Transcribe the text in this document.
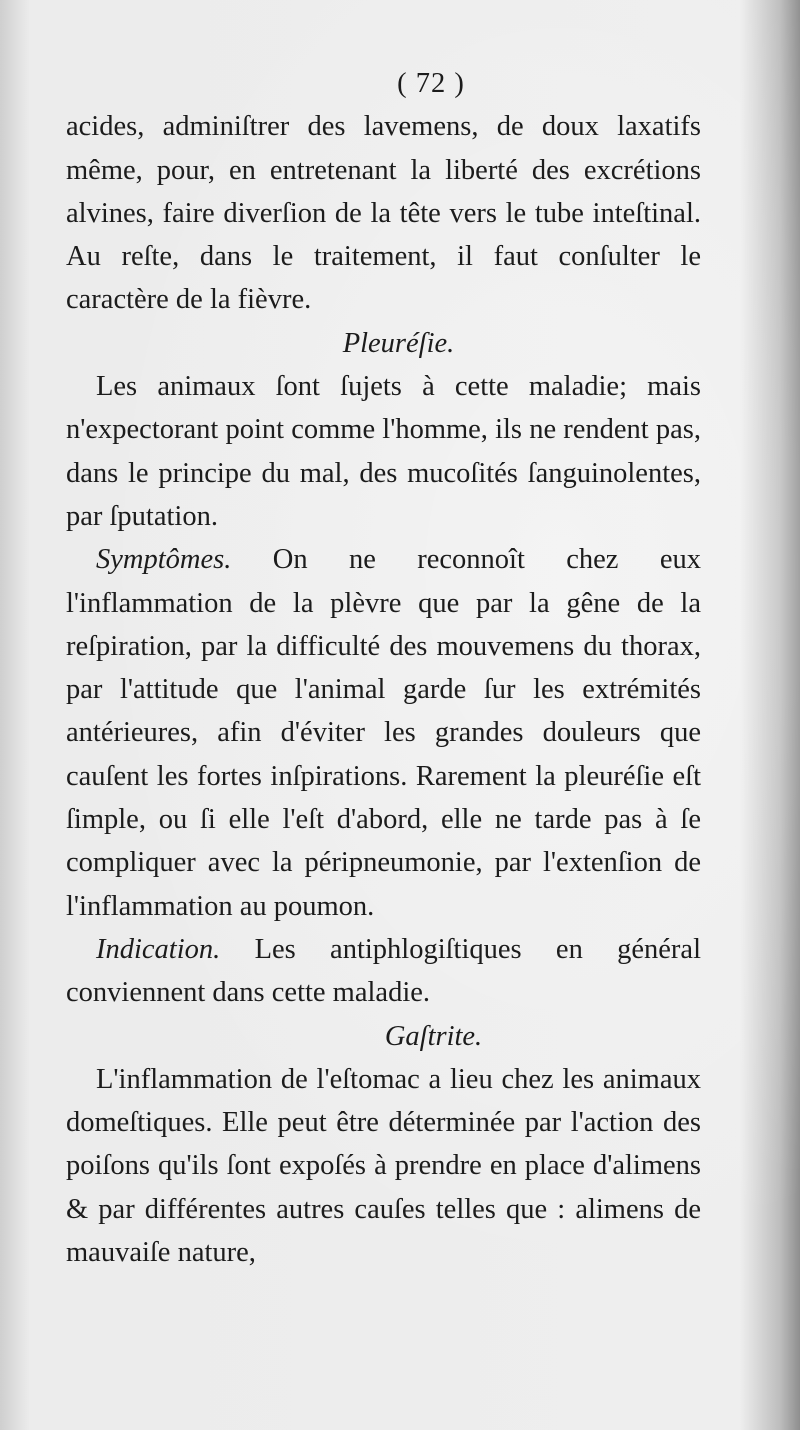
( 72 )

acides, adminiſtrer des lavemens, de doux laxatifs même, pour, en entretenant la liberté des excrétions alvines, faire diverſion de la tête vers le tube inteſtinal. Au reſte, dans le traitement, il faut conſulter le caractère de la fièvre.

Pleuréſie.

Les animaux ſont ſujets à cette maladie; mais n'expectorant point comme l'homme, ils ne rendent pas, dans le principe du mal, des mucoſités ſanguinolentes, par ſputation.

Symptômes. On ne reconnoît chez eux l'inflammation de la plèvre que par la gêne de la reſpiration, par la difficulté des mouvemens du thorax, par l'attitude que l'animal garde ſur les extrémités antérieures, afin d'éviter les grandes douleurs que cauſent les fortes inſpirations. Rarement la pleuréſie eſt ſimple, ou ſi elle l'eſt d'abord, elle ne tarde pas à ſe compliquer avec la péripneumonie, par l'extenſion de l'inflammation au poumon.

Indication. Les antiphlogiſtiques en général conviennent dans cette maladie.

Gaſtrite.

L'inflammation de l'eſtomac a lieu chez les animaux domeſtiques. Elle peut être déterminée par l'action des poiſons qu'ils ſont expoſés à prendre en place d'alimens & par différentes autres cauſes telles que : alimens de mauvaiſe nature,
